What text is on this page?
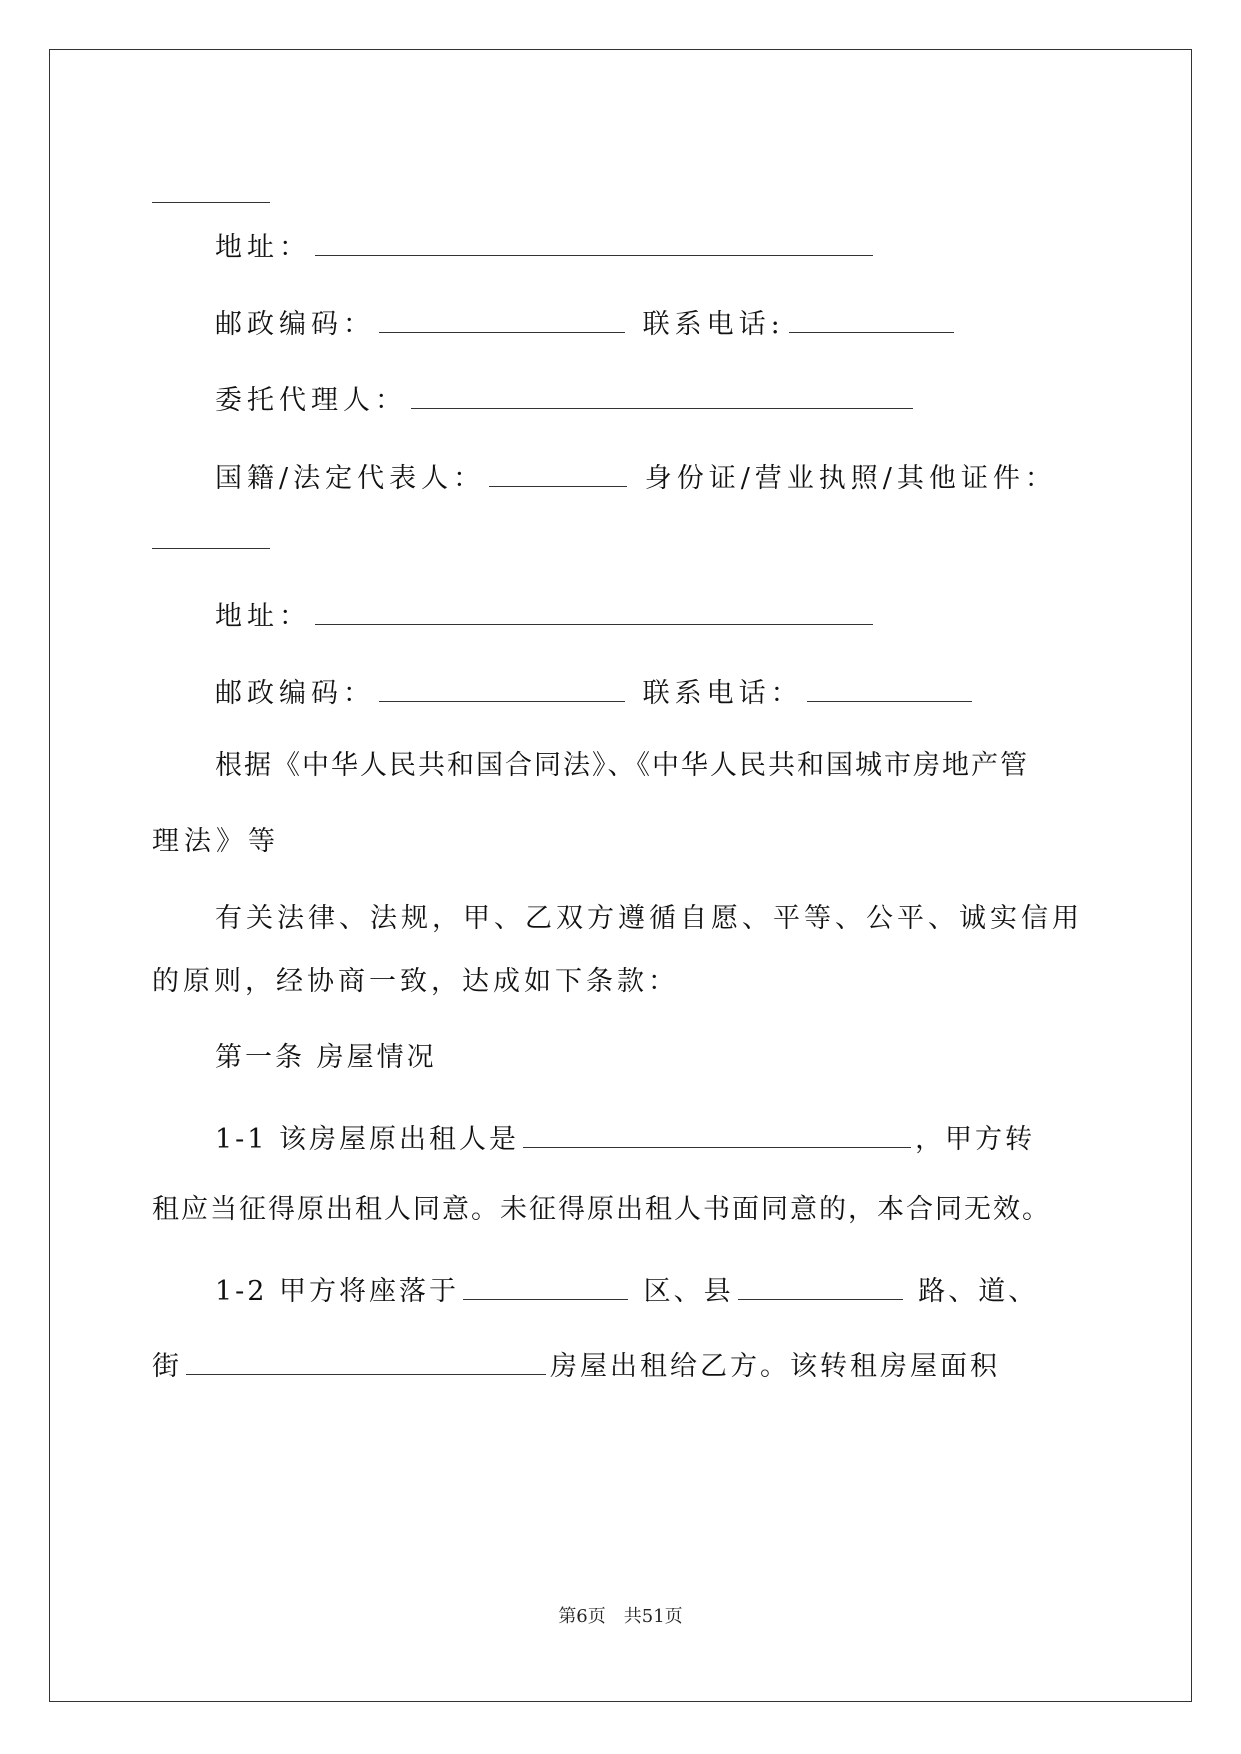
地址：
邮政编码：	联系电话:
委托代理人：
国籍/法定代表人：	身份证/营业执照/其他证件：
地址：
邮政编码：	联系电话：
根据《中华人民共和国合同法》、《中华人民共和国城市房地产管
理法》等
有关法律、法规，甲、乙双方遵循自愿、平等、公平、诚实信用
的原则，经协商一致，达成如下条款：
第一条 房屋情况
1-1 该房屋原出租人是	，甲方转
租应当征得原出租人同意。未征得原出租人书面同意的，本合同无效。
1-2 甲方将座落于	区、县	路、道、
街	房屋出租给乙方。该转租房屋面积
第6页　共51页
